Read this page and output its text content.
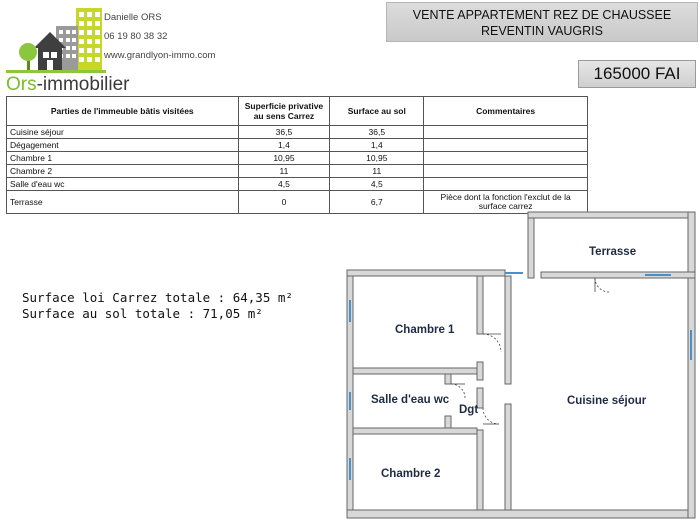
Danielle ORS
06 19 80 38 32
www.grandlyon-immo.com
Ors-immobilier
VENTE APPARTEMENT REZ DE CHAUSSEE
REVENTIN VAUGRIS
165000 FAI
Parties de l'immeuble bâtis visitées	Superficie privative au sens Carrez	Surface au sol	Commentaires
Cuisine séjour	36,5	36,5	
Dégagement	1,4	1,4	
Chambre 1	10,95	10,95	
Chambre 2	11	11	
Salle d'eau wc	4,5	4,5	
Terrasse	0	6,7	Pièce dont la fonction l'exclut de la surface carrez
Surface loi Carrez totale : 64,35 m²
Surface au sol totale : 71,05 m²
Terrasse
Chambre 1
Salle d'eau wc
Dgt
Cuisine séjour
Chambre 2
